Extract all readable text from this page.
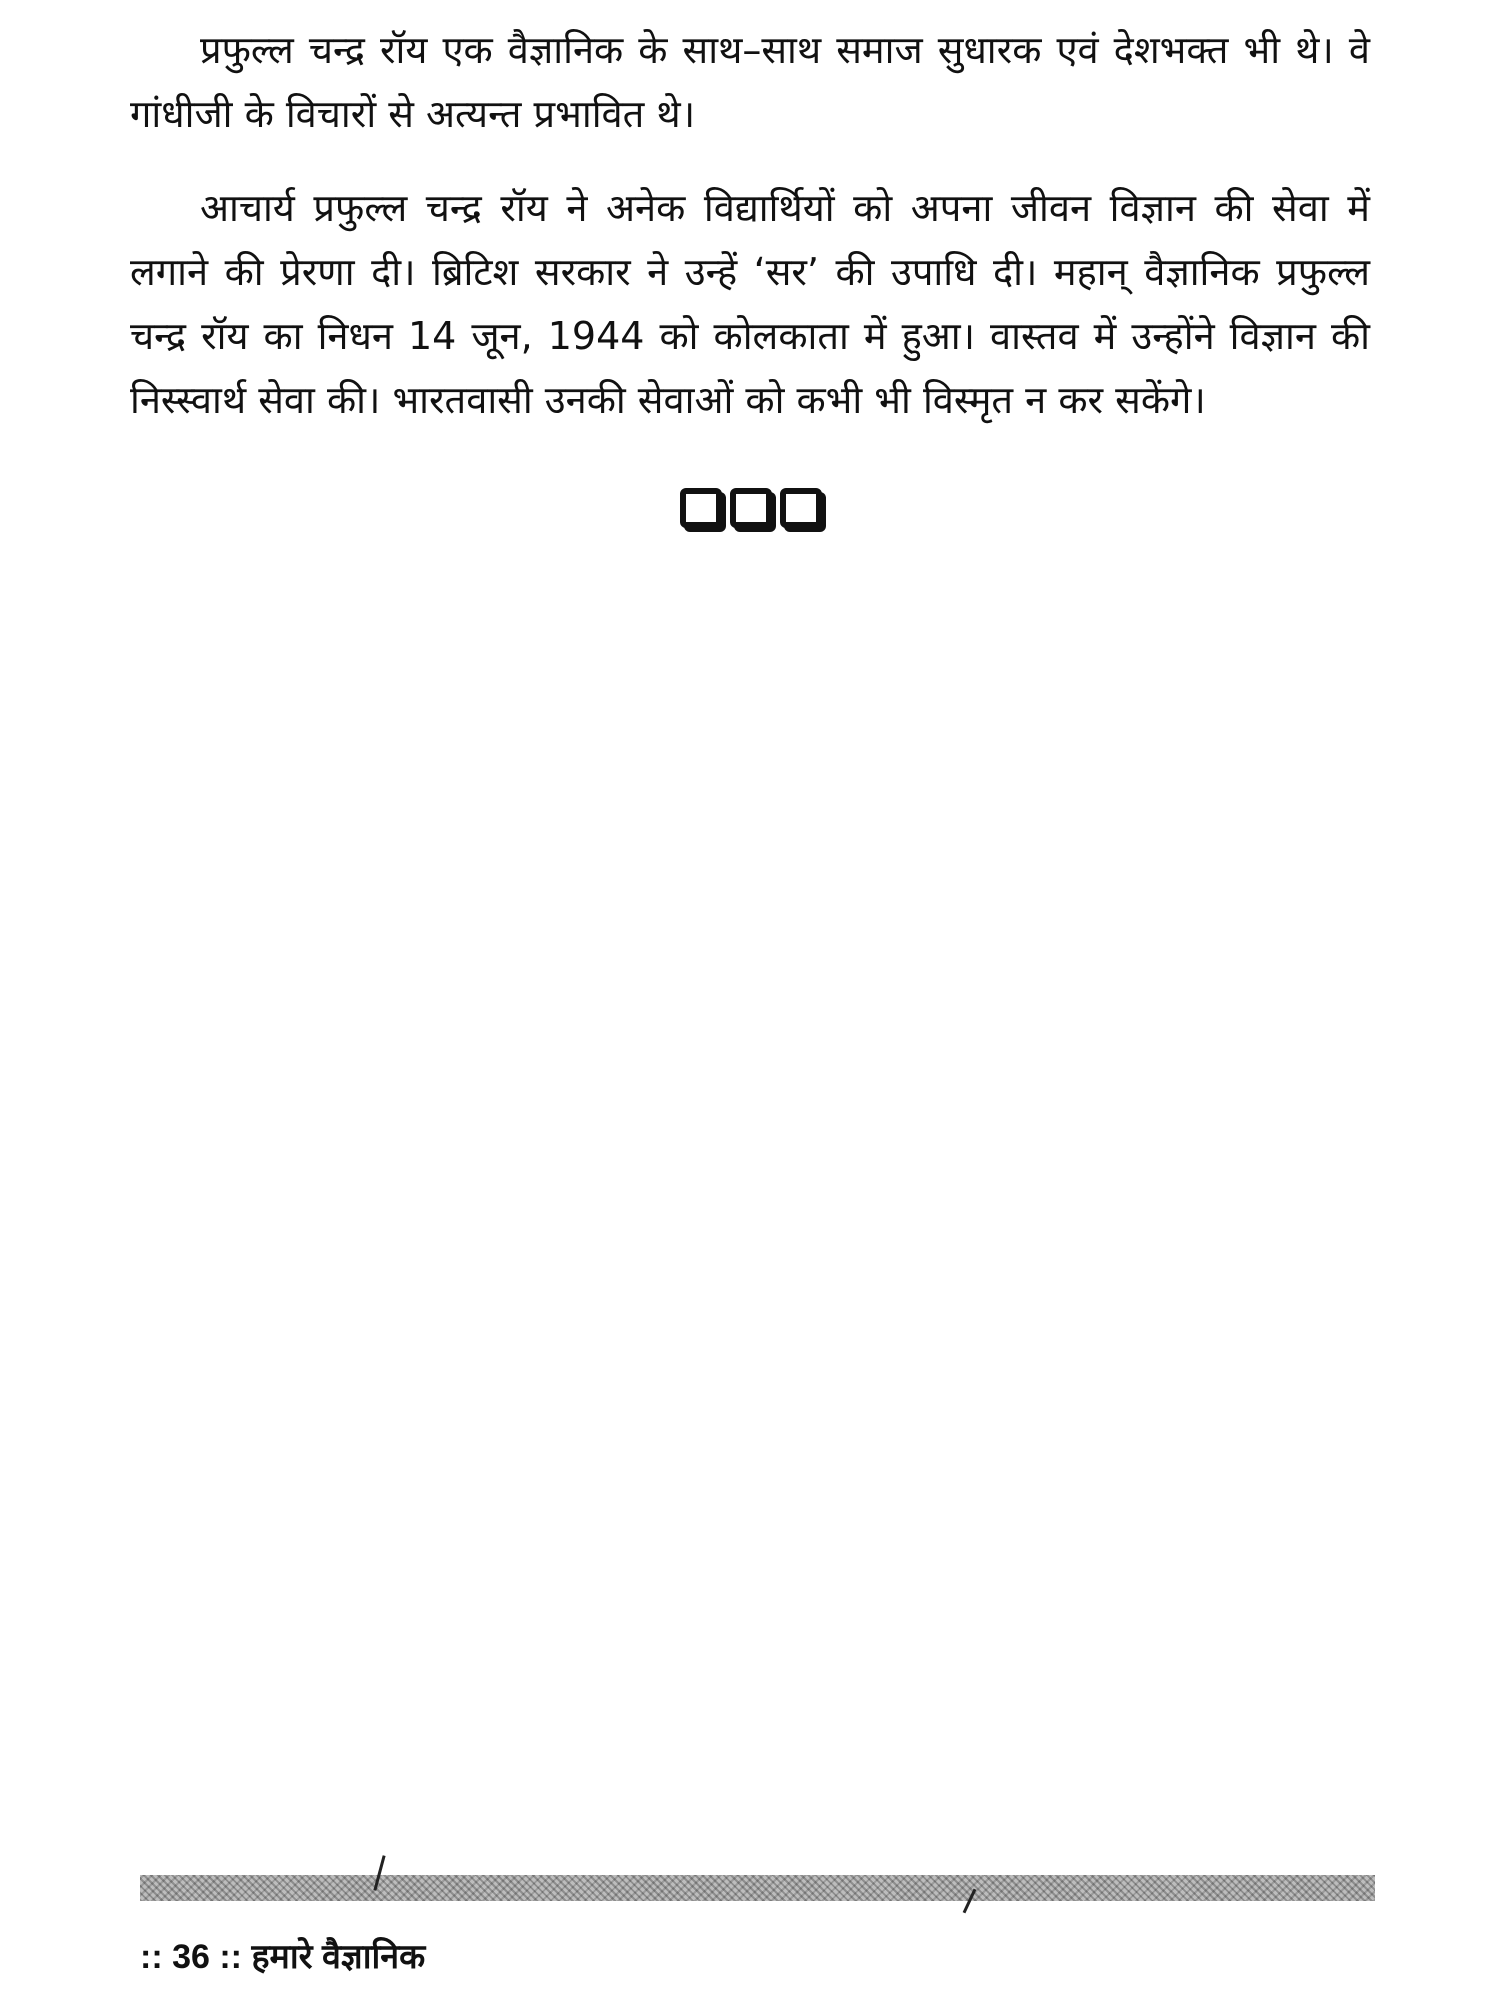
प्रफुल्ल चन्द्र रॉय एक वैज्ञानिक के साथ–साथ समाज सुधारक एवं देशभक्त भी थे। वे गांधीजी के विचारों से अत्यन्त प्रभावित थे।

आचार्य प्रफुल्ल चन्द्र रॉय ने अनेक विद्यार्थियों को अपना जीवन विज्ञान की सेवा में लगाने की प्रेरणा दी। ब्रिटिश सरकार ने उन्हें ‘सर’ की उपाधि दी। महान् वैज्ञानिक प्रफुल्ल चन्द्र रॉय का निधन 14 जून, 1944 को कोलकाता में हुआ। वास्तव में उन्होंने विज्ञान की निस्स्वार्थ सेवा की। भारतवासी उनकी सेवाओं को कभी भी विस्मृत न कर सकेंगे।

:: 36 :: हमारे वैज्ञानिक
